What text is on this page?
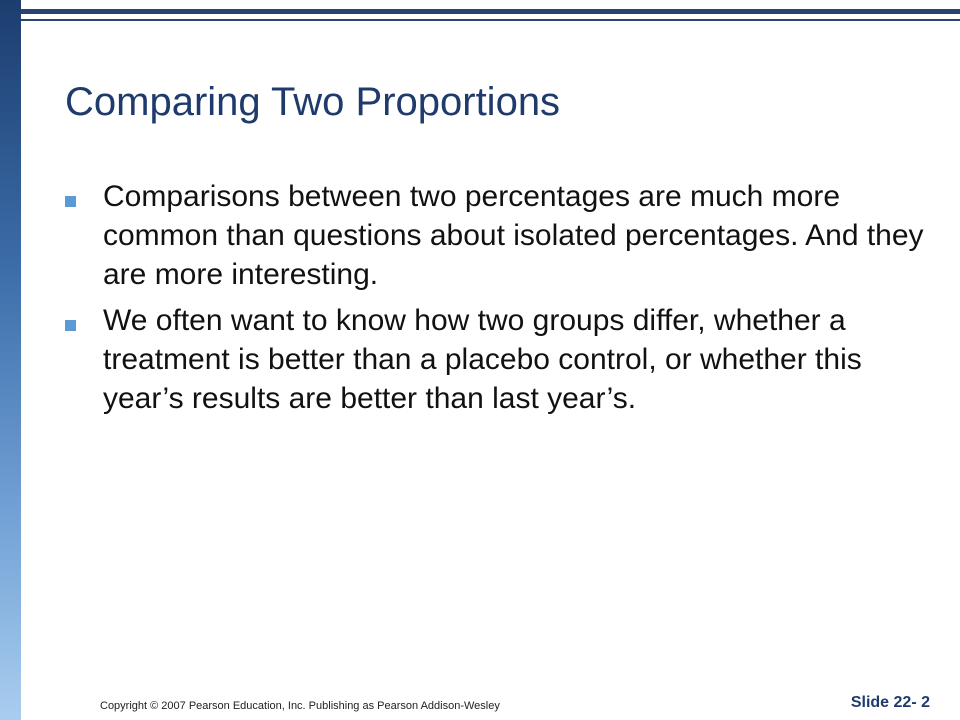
Comparing Two Proportions
Comparisons between two percentages are much more common than questions about isolated percentages. And they are more interesting.
We often want to know how two groups differ, whether a treatment is better than a placebo control, or whether this year’s results are better than last year’s.
Copyright © 2007 Pearson Education, Inc. Publishing as Pearson Addison-Wesley	Slide 22- 2
